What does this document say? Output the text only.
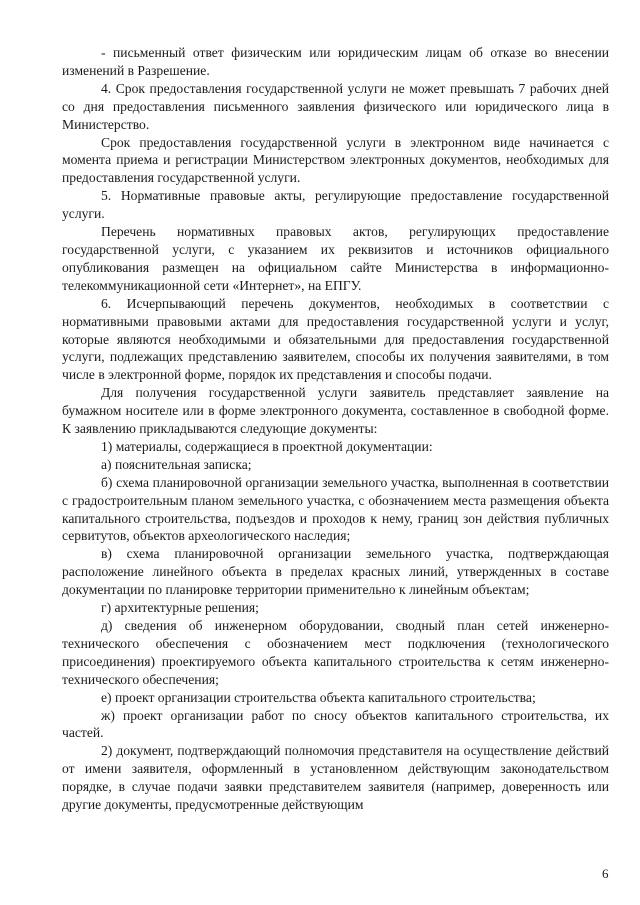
- письменный ответ физическим или юридическим лицам об отказе во внесении изменений в Разрешение.

4. Срок предоставления государственной услуги не может превышать 7 рабочих дней со дня предоставления письменного заявления физического или юридического лица в Министерство.

Срок предоставления государственной услуги в электронном виде начинается с момента приема и регистрации Министерством электронных документов, необходимых для предоставления государственной услуги.

5. Нормативные правовые акты, регулирующие предоставление государственной услуги.

Перечень нормативных правовых актов, регулирующих предоставление государственной услуги, с указанием их реквизитов и источников официального опубликования размещен на официальном сайте Министерства в информационно-телекоммуникационной сети «Интернет», на ЕПГУ.

6. Исчерпывающий перечень документов, необходимых в соответствии с нормативными правовыми актами для предоставления государственной услуги и услуг, которые являются необходимыми и обязательными для предоставления государственной услуги, подлежащих представлению заявителем, способы их получения заявителями, в том числе в электронной форме, порядок их представления и способы подачи.

Для получения государственной услуги заявитель представляет заявление на бумажном носителе или в форме электронного документа, составленное в свободной форме. К заявлению прикладываются следующие документы:

1) материалы, содержащиеся в проектной документации:

а) пояснительная записка;

б) схема планировочной организации земельного участка, выполненная в соответствии с градостроительным планом земельного участка, с обозначением места размещения объекта капитального строительства, подъездов и проходов к нему, границ зон действия публичных сервитутов, объектов археологического наследия;

в) схема планировочной организации земельного участка, подтверждающая расположение линейного объекта в пределах красных линий, утвержденных в составе документации по планировке территории применительно к линейным объектам;

г) архитектурные решения;

д) сведения об инженерном оборудовании, сводный план сетей инженерно-технического обеспечения с обозначением мест подключения (технологического присоединения) проектируемого объекта капитального строительства к сетям инженерно-технического обеспечения;

е) проект организации строительства объекта капитального строительства;

ж) проект организации работ по сносу объектов капитального строительства, их частей.

2) документ, подтверждающий полномочия представителя на осуществление действий от имени заявителя, оформленный в установленном действующим законодательством порядке, в случае подачи заявки представителем заявителя (например, доверенность или другие документы, предусмотренные действующим

6
